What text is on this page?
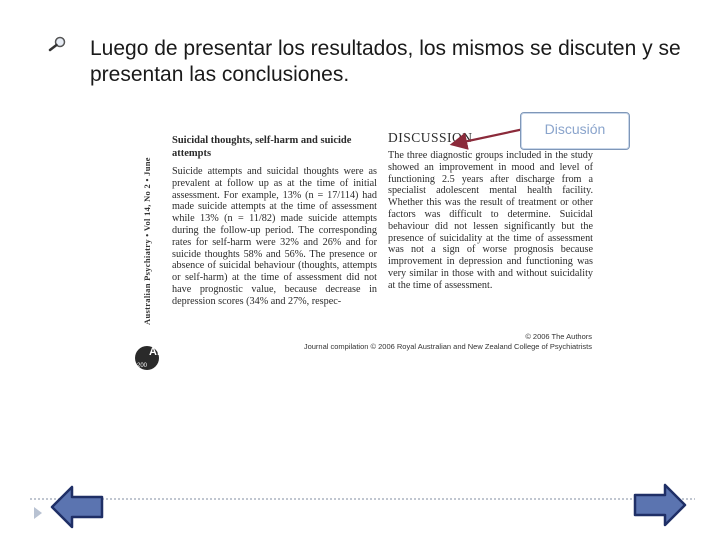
Luego de presentar los resultados, los mismos se discuten y se presentan las conclusiones.
Australian Psychiatry • Vol 14, No 2 • June

Suicidal thoughts, self-harm and suicide attempts

Suicide attempts and suicidal thoughts were as prevalent at follow up as at the time of initial assessment. For example, 13% (n = 17/114) had made suicide attempts at the time of assessment while 13% (n = 11/82) made suicide attempts during the follow-up period. The corresponding rates for self-harm were 32% and 26% and for suicide thoughts 58% and 56%. The presence or absence of suicidal behaviour (thoughts, attempts or self-harm) at the time of assessment did not have prognostic value, because decrease in depression scores (34% and 27%, respec-

DISCUSSION

The three diagnostic groups included in the study showed an improvement in mood and level of functioning 2.5 years after discharge from a specialist adolescent mental health facility. Whether this was the result of treatment or other factors was difficult to determine. Suicidal behaviour did not lessen significantly but the presence of suicidality at the time of assessment was not a sign of worse prognosis because improvement in depression and functioning was very similar in those with and without suicidality at the time of assessment.

© 2006 The Authors
Journal compilation © 2006 Royal Australian and New Zealand College of Psychiatrists
AP
200
Discusión
